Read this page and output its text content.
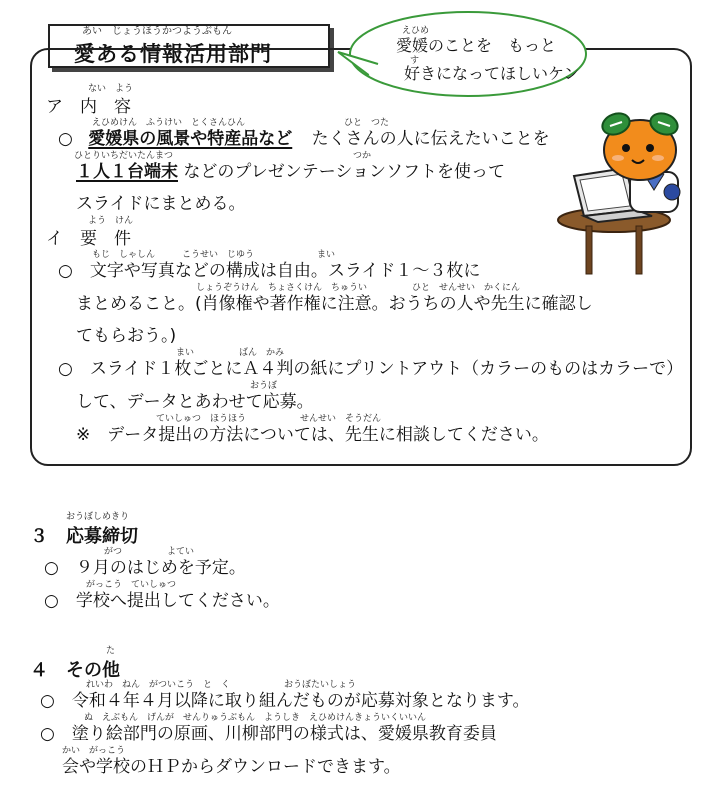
あい　じょうほうかつようぶもん
愛ある情報活用部門
えひめ
愛媛のことを　もっと
す
好きになってほしいケン
ア
ない　よう
内　容
えひめけん　ふうけい　とくさんひん　　　　　　　　　　　ひと　つた
○ 愛媛県の風景や特産品など たくさんの人に伝えたいことを
ひとりいちだいたんまつ　　　　　　　　　　　　　　　　　　　　つか
１人１台端末 などのプレゼンテーションソフトを使って
スライドにまとめる。
イ
よう　けん
要　件
もじ　しゃしん　　　こうせい　じゆう　　　　　　　まい
○　文字や写真などの構成は自由。スライド１～３枚に
しょうぞうけん　ちょさくけん　ちゅうい　　　　　ひと　せんせい　かくにん
まとめること。(肖像権や著作権に注意。おうちの人や先生に確認し
てもらおう。)
まい　　　　　ばん　かみ
○　スライド１枚ごとにＡ４判の紙にプリントアウト（カラーのものはカラーで）
おうぼ
して、データとあわせて応募。
ていしゅつ　ほうほう　　　　　　せんせい　そうだん
※　データ提出の方法については、先生に相談してください。
おうぼしめきり
３ 応募締切
がつ　　　　　よてい
○　９月のはじめを予定。
がっこう　ていしゅつ
○　学校へ提出してください。
た
４ その他
れいわ　ねん　がついこう　と　く　　　　　　おうぼたいしょう
○　令和４年４月以降に取り組んだものが応募対象となります。
ぬ　えぶもん　げんが　せんりゅうぶもん　ようしき　えひめけんきょういくいいん
○　塗り絵部門の原画、川柳部門の様式は、愛媛県教育委員
かい　がっこう
会や学校のＨＰからダウンロードできます。
